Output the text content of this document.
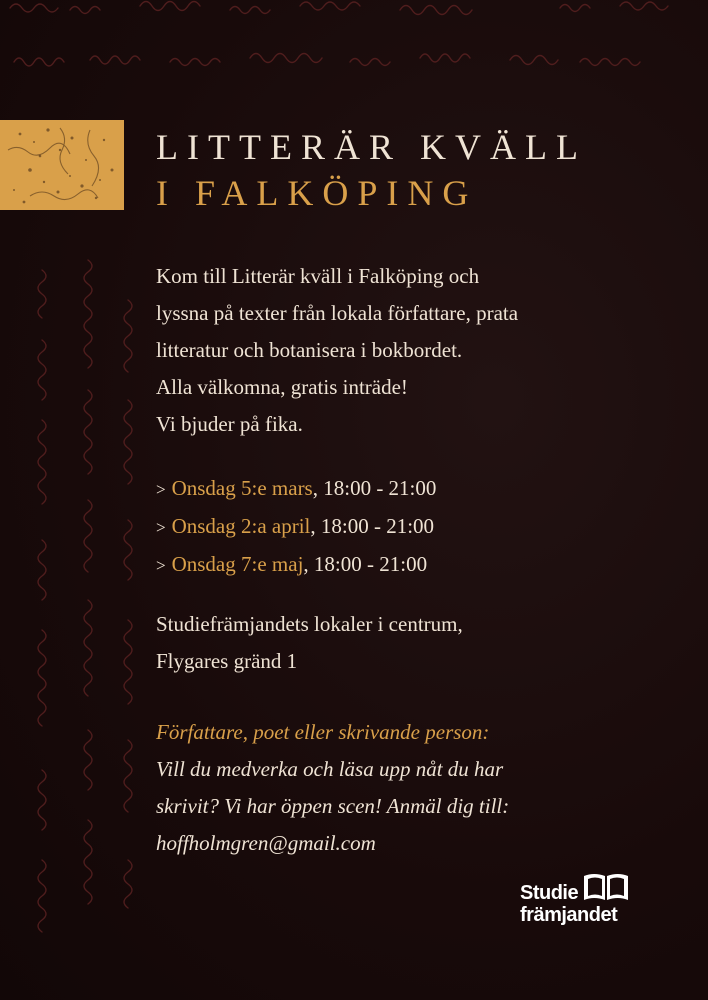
LITTERÄR KVÄLL
I FALKÖPING

Kom till Litterär kväll i Falköping och
lyssna på texter från lokala författare, prata
litteratur och botanisera i bokbordet.
Alla välkomna, gratis inträde!
Vi bjuder på fika.

> Onsdag 5:e mars, 18:00 - 21:00
> Onsdag 2:a april, 18:00 - 21:00
> Onsdag 7:e maj, 18:00 - 21:00

Studiefrämjandets lokaler i centrum,
Flygares gränd 1

Författare, poet eller skrivande person:
Vill du medverka och läsa upp nåt du har
skrivit? Vi har öppen scen! Anmäl dig till:
hoffholmgren@gmail.com

Studie
främjandet
